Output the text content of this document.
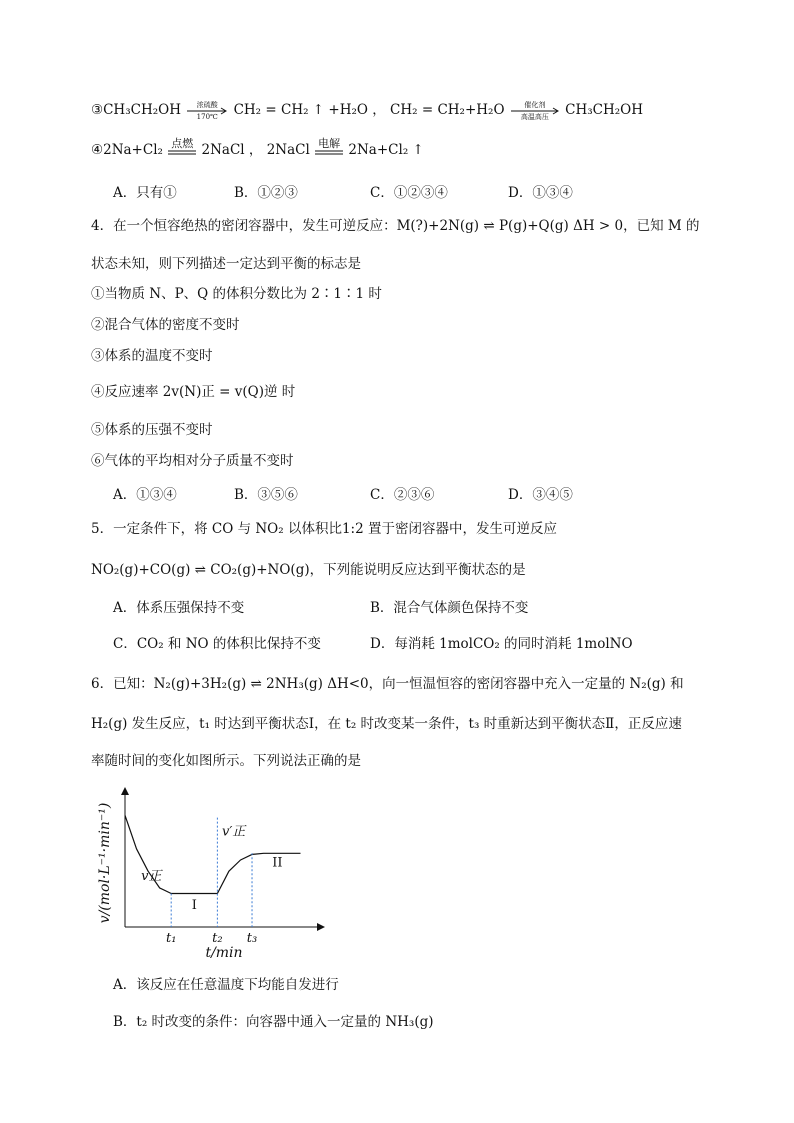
③CH₃CH₂OH	浓硫酸
170℃	CH₂ = CH₂ ↑ +H₂O ， CH₂ = CH₂+H₂O	催化剂
高温高压	CH₃CH₂OH
④2Na+Cl₂ 点燃 2NaCl ， 2NaCl 电解 2Na+Cl₂ ↑
A．只有①	B．①②③	C．①②③④	D．①③④
4．在一个恒容绝热的密闭容器中，发生可逆反应：M(?)+2N(g) ⇌ P(g)+Q(g) ΔH > 0，已知 M 的
状态未知，则下列描述一定达到平衡的标志是
①当物质 N、P、Q 的体积分数比为 2∶1∶1 时
②混合气体的密度不变时
③体系的温度不变时
④反应速率 2v(N)正 = v(Q)逆 时
⑤体系的压强不变时
⑥气体的平均相对分子质量不变时
A．①③④	B．③⑤⑥	C．②③⑥	D．③④⑤
5．一定条件下，将 CO 与 NO₂ 以体积比1:2 置于密闭容器中，发生可逆反应
NO₂(g)+CO(g) ⇌ CO₂(g)+NO(g)，下列能说明反应达到平衡状态的是
A．体系压强保持不变	B．混合气体颜色保持不变
C．CO₂ 和 NO 的体积比保持不变	D．每消耗 1molCO₂ 的同时消耗 1molNO
6．已知：N₂(g)+3H₂(g) ⇌ 2NH₃(g) ΔH<0，向一恒温恒容的密闭容器中充入一定量的 N₂(g) 和
H₂(g) 发生反应，t₁ 时达到平衡状态Ⅰ，在 t₂ 时改变某一条件，t₃ 时重新达到平衡状态Ⅱ，正反应速
率随时间的变化如图所示。下列说法正确的是
t₁	t₂ t₃
v正
v′正
I
II
v/(mol·L⁻¹·min⁻¹)
t/min
A．该反应在任意温度下均能自发进行
B．t₂ 时改变的条件：向容器中通入一定量的 NH₃(g)
